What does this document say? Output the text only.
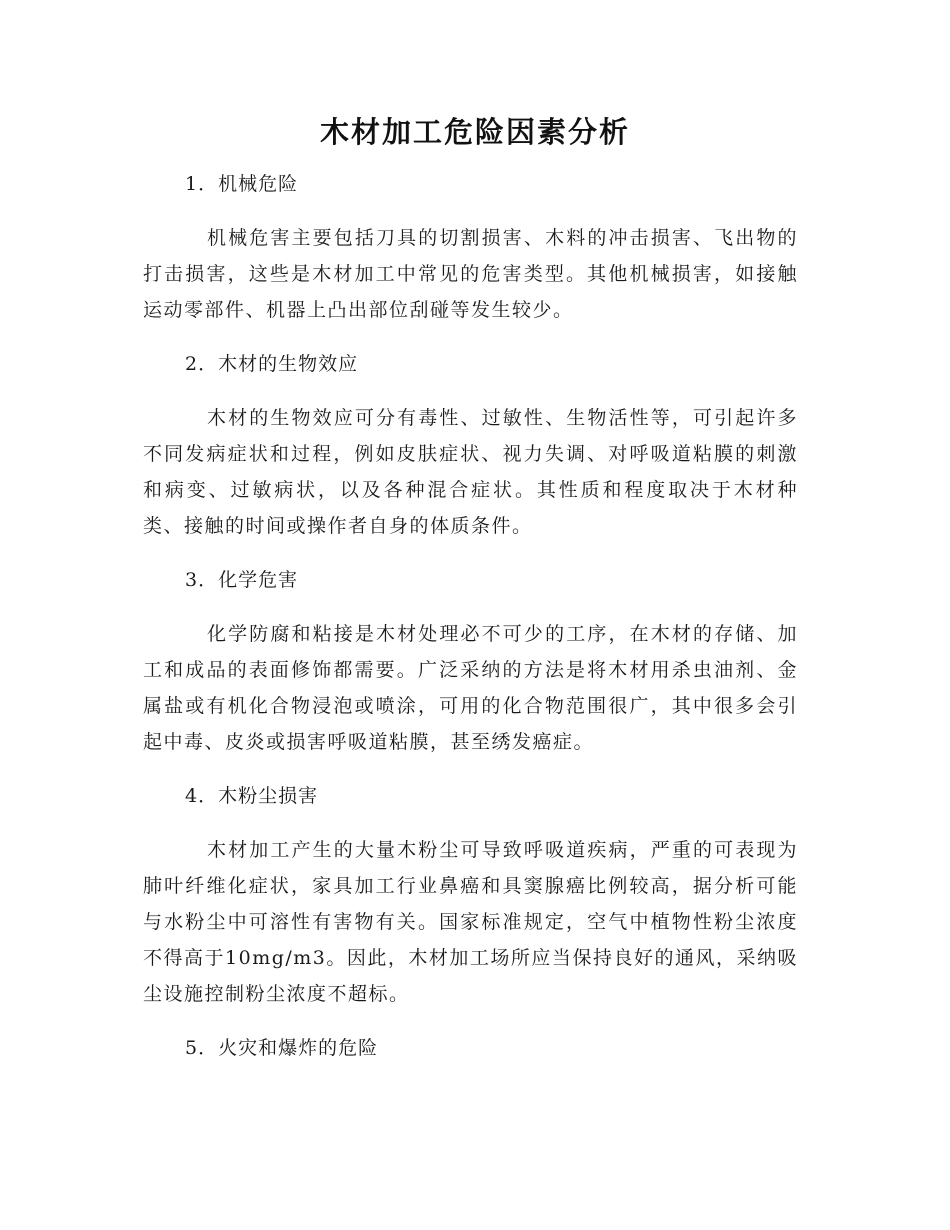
木材加工危险因素分析
1．机械危险
机械危害主要包括刀具的切割损害、木料的冲击损害、飞出物的打击损害，这些是木材加工中常见的危害类型。其他机械损害，如接触运动零部件、机器上凸出部位刮碰等发生较少。
2．木材的生物效应
木材的生物效应可分有毒性、过敏性、生物活性等，可引起许多不同发病症状和过程，例如皮肤症状、视力失调、对呼吸道粘膜的刺激和病变、过敏病状，以及各种混合症状。其性质和程度取决于木材种类、接触的时间或操作者自身的体质条件。
3．化学危害
化学防腐和粘接是木材处理必不可少的工序，在木材的存储、加工和成品的表面修饰都需要。广泛采纳的方法是将木材用杀虫油剂、金属盐或有机化合物浸泡或喷涂，可用的化合物范围很广，其中很多会引起中毒、皮炎或损害呼吸道粘膜，甚至绣发癌症。
4．木粉尘损害
木材加工产生的大量木粉尘可导致呼吸道疾病，严重的可表现为肺叶纤维化症状，家具加工行业鼻癌和具窦腺癌比例较高，据分析可能与水粉尘中可溶性有害物有关。国家标准规定，空气中植物性粉尘浓度不得高于10mg/m3。因此，木材加工场所应当保持良好的通风，采纳吸尘设施控制粉尘浓度不超标。
5．火灾和爆炸的危险
